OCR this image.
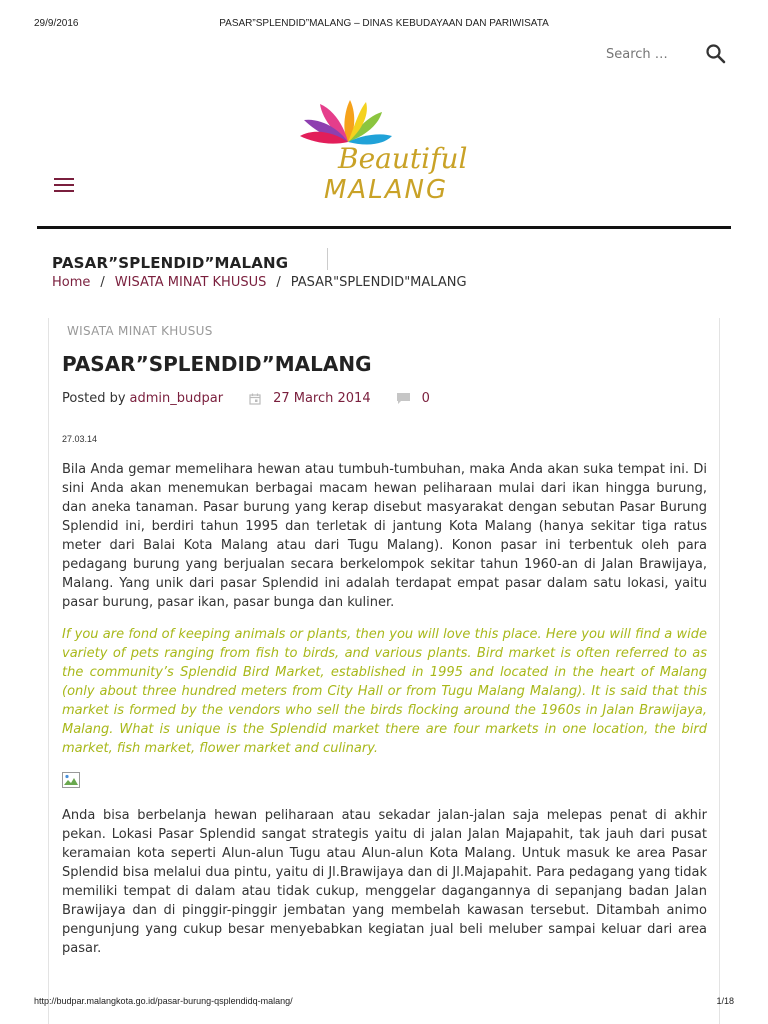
29/9/2016	PASAR”SPLENDID”MALANG – DINAS KEBUDAYAAN DAN PARIWISATA
Search …
Beautiful
MALANG
PASAR”SPLENDID”MALANG
Home / WISATA MINAT KHUSUS / PASAR"SPLENDID"MALANG
WISATA MINAT KHUSUS
PASAR”SPLENDID”MALANG
Posted by admin_budpar	27 March 2014	0
27.03.14

Bila Anda gemar memelihara hewan atau tumbuh-tumbuhan, maka Anda akan suka tempat ini. Di sini Anda akan menemukan berbagai macam hewan peliharaan mulai dari ikan hingga burung, dan aneka tanaman. Pasar burung yang kerap disebut masyarakat dengan sebutan Pasar Burung Splendid ini, berdiri tahun 1995 dan terletak di jantung Kota Malang (hanya sekitar tiga ratus meter dari Balai Kota Malang atau dari Tugu Malang). Konon pasar ini terbentuk oleh para pedagang burung yang berjualan secara berkelompok sekitar tahun 1960-an di Jalan Brawijaya, Malang. Yang unik dari pasar Splendid ini adalah terdapat empat pasar dalam satu lokasi, yaitu pasar burung, pasar ikan, pasar bunga dan kuliner.

If you are fond of keeping animals or plants, then you will love this place. Here you will find a wide variety of pets ranging from fish to birds, and various plants. Bird market is often referred to as the community’s Splendid Bird Market, established in 1995 and located in the heart of Malang (only about three hundred meters from City Hall or from Tugu Malang Malang). It is said that this market is formed by the vendors who sell the birds flocking around the 1960s in Jalan Brawijaya, Malang. What is unique is the Splendid market there are four markets in one location, the bird market, fish market, flower market and culinary.

Anda bisa berbelanja hewan peliharaan atau sekadar jalan-jalan saja melepas penat di akhir pekan. Lokasi Pasar Splendid sangat strategis yaitu di jalan Jalan Majapahit, tak jauh dari pusat keramaian kota seperti Alun-alun Tugu atau Alun-alun Kota Malang. Untuk masuk ke area Pasar Splendid bisa melalui dua pintu, yaitu di Jl.Brawijaya dan di Jl.Majapahit. Para pedagang yang tidak memiliki tempat di dalam atau tidak cukup, menggelar dagangannya di sepanjang badan Jalan Brawijaya dan di pinggir-pinggir jembatan yang membelah kawasan tersebut. Ditambah animo pengunjung yang cukup besar menyebabkan kegiatan jual beli meluber sampai keluar dari area pasar.

http://budpar.malangkota.go.id/pasar-burung-qsplendidq-malang/	1/18
